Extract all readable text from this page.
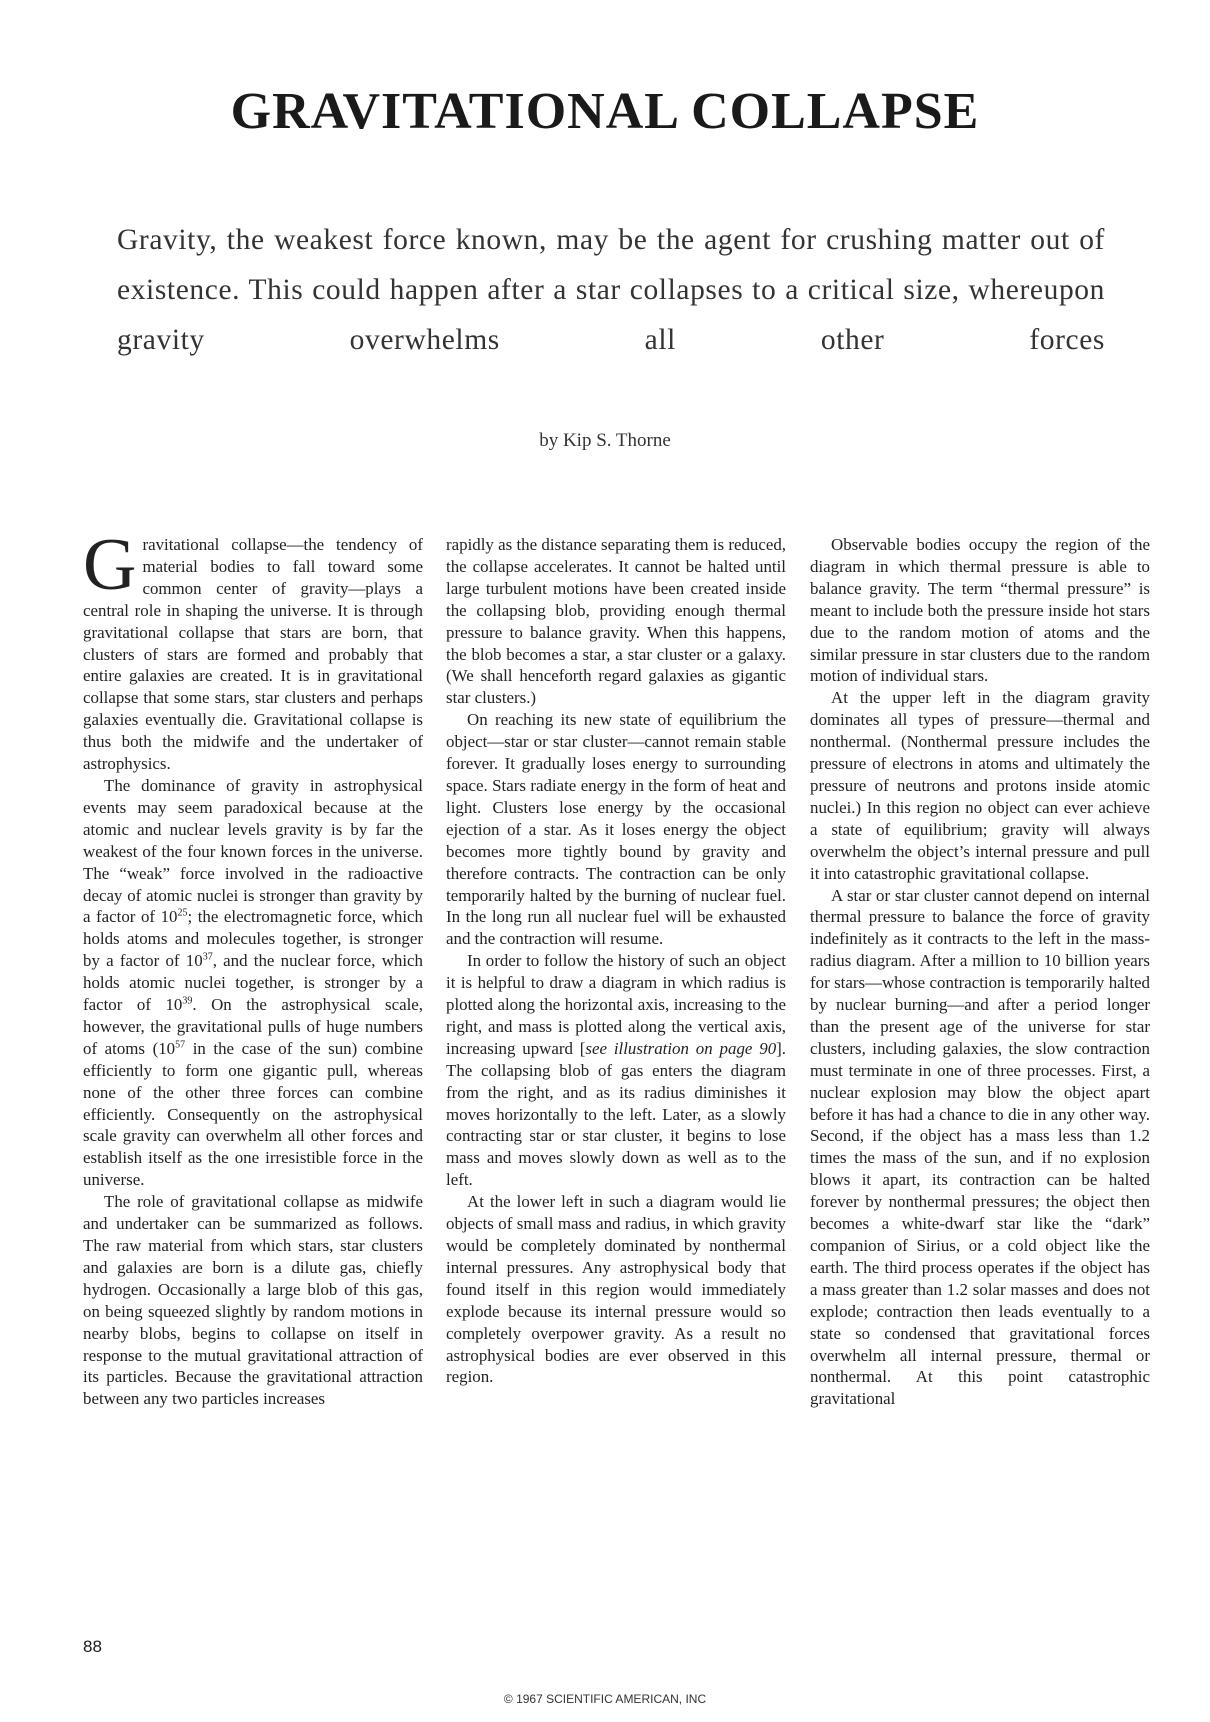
GRAVITATIONAL COLLAPSE

Gravity, the weakest force known, may be the agent for crushing matter out of existence. This could happen after a star collapses to a critical size, whereupon gravity overwhelms all other forces

by Kip S. Thorne

Gravitational collapse—the tendency of material bodies to fall toward some common center of gravity—plays a central role in shaping the universe. It is through gravitational collapse that stars are born, that clusters of stars are formed and probably that entire galaxies are created. It is in gravitational collapse that some stars, star clusters and perhaps galaxies eventually die. Gravitational collapse is thus both the midwife and the undertaker of astrophysics.

The dominance of gravity in astrophysical events may seem paradoxical because at the atomic and nuclear levels gravity is by far the weakest of the four known forces in the universe. The “weak” force involved in the radioactive decay of atomic nuclei is stronger than gravity by a factor of $10^{25}$; the electromagnetic force, which holds atoms and molecules together, is stronger by a factor of $10^{37}$, and the nuclear force, which holds atomic nuclei together, is stronger by a factor of $10^{39}$. On the astrophysical scale, however, the gravitational pulls of huge numbers of atoms ($10^{57}$ in the case of the sun) combine efficiently to form one gigantic pull, whereas none of the other three forces can combine efficiently. Consequently on the astrophysical scale gravity can overwhelm all other forces and establish itself as the one irresistible force in the universe.

The role of gravitational collapse as midwife and undertaker can be summarized as follows. The raw material from which stars, star clusters and galaxies are born is a dilute gas, chiefly hydrogen. Occasionally a large blob of this gas, on being squeezed slightly by random motions in nearby blobs, begins to collapse on itself in response to the mutual gravitational attraction of its particles. Because the gravitational attraction between any two particles increases

rapidly as the distance separating them is reduced, the collapse accelerates. It cannot be halted until large turbulent motions have been created inside the collapsing blob, providing enough thermal pressure to balance gravity. When this happens, the blob becomes a star, a star cluster or a galaxy. (We shall henceforth regard galaxies as gigantic star clusters.)

On reaching its new state of equilibrium the object—star or star cluster—cannot remain stable forever. It gradually loses energy to surrounding space. Stars radiate energy in the form of heat and light. Clusters lose energy by the occasional ejection of a star. As it loses energy the object becomes more tightly bound by gravity and therefore contracts. The contraction can be only temporarily halted by the burning of nuclear fuel. In the long run all nuclear fuel will be exhausted and the contraction will resume.

In order to follow the history of such an object it is helpful to draw a diagram in which radius is plotted along the horizontal axis, increasing to the right, and mass is plotted along the vertical axis, increasing upward [see illustration on page 90]. The collapsing blob of gas enters the diagram from the right, and as its radius diminishes it moves horizontally to the left. Later, as a slowly contracting star or star cluster, it begins to lose mass and moves slowly down as well as to the left.

At the lower left in such a diagram would lie objects of small mass and radius, in which gravity would be completely dominated by nonthermal internal pressures. Any astrophysical body that found itself in this region would immediately explode because its internal pressure would so completely overpower gravity. As a result no astrophysical bodies are ever observed in this region.

Observable bodies occupy the region of the diagram in which thermal pressure is able to balance gravity. The term “thermal pressure” is meant to include both the pressure inside hot stars due to the random motion of atoms and the similar pressure in star clusters due to the random motion of individual stars.

At the upper left in the diagram gravity dominates all types of pressure—thermal and nonthermal. (Nonthermal pressure includes the pressure of electrons in atoms and ultimately the pressure of neutrons and protons inside atomic nuclei.) In this region no object can ever achieve a state of equilibrium; gravity will always overwhelm the object’s internal pressure and pull it into catastrophic gravitational collapse.

A star or star cluster cannot depend on internal thermal pressure to balance the force of gravity indefinitely as it contracts to the left in the mass-radius diagram. After a million to 10 billion years for stars—whose contraction is temporarily halted by nuclear burning—and after a period longer than the present age of the universe for star clusters, including galaxies, the slow contraction must terminate in one of three processes. First, a nuclear explosion may blow the object apart before it has had a chance to die in any other way. Second, if the object has a mass less than 1.2 times the mass of the sun, and if no explosion blows it apart, its contraction can be halted forever by nonthermal pressures; the object then becomes a white-dwarf star like the “dark” companion of Sirius, or a cold object like the earth. The third process operates if the object has a mass greater than 1.2 solar masses and does not explode; contraction then leads eventually to a state so condensed that gravitational forces overwhelm all internal pressure, thermal or nonthermal. At this point catastrophic gravitational

88

© 1967 SCIENTIFIC AMERICAN, INC
